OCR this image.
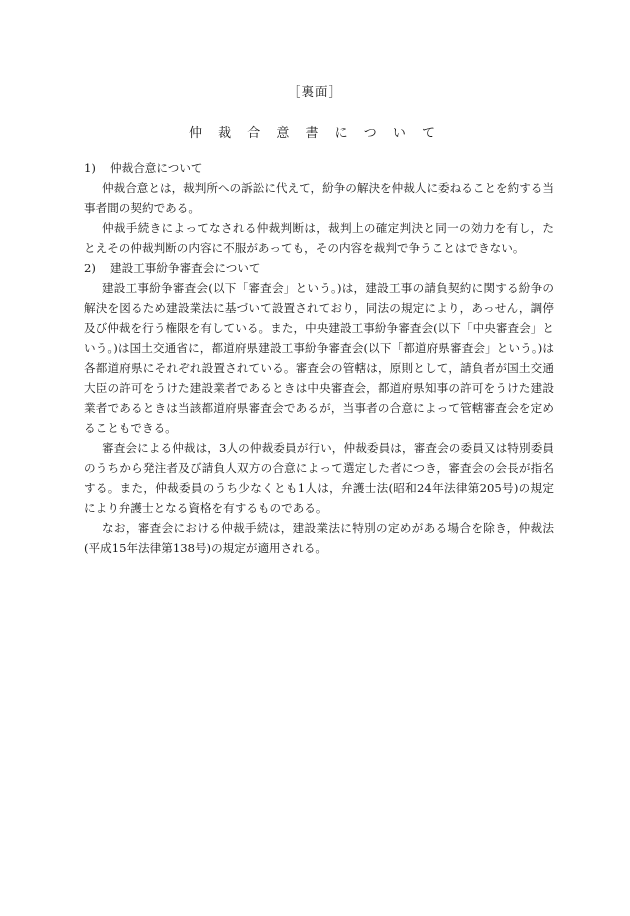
［裏面］
仲 裁 合 意 書 に つ い て
1) 仲裁合意について

仲裁合意とは，裁判所への訴訟に代えて，紛争の解決を仲裁人に委ねることを約する当事者間の契約である。

仲裁手続きによってなされる仲裁判断は，裁判上の確定判決と同一の効力を有し，たとえその仲裁判断の内容に不服があっても，その内容を裁判で争うことはできない。

2) 建設工事紛争審査会について

建設工事紛争審査会(以下「審査会」という。)は，建設工事の請負契約に関する紛争の解決を図るため建設業法に基づいて設置されており，同法の規定により，あっせん，調停及び仲裁を行う権限を有している。また，中央建設工事紛争審査会(以下「中央審査会」という。)は国土交通省に，都道府県建設工事紛争審査会(以下「都道府県審査会」という。)は各都道府県にそれぞれ設置されている。審査会の管轄は，原則として，請負者が国土交通大臣の許可をうけた建設業者であるときは中央審査会，都道府県知事の許可をうけた建設業者であるときは当該都道府県審査会であるが，当事者の合意によって管轄審査会を定めることもできる。

審査会による仲裁は，3人の仲裁委員が行い，仲裁委員は，審査会の委員又は特別委員のうちから発注者及び請負人双方の合意によって選定した者につき，審査会の会長が指名する。また，仲裁委員のうち少なくとも1人は，弁護士法(昭和24年法律第205号)の規定により弁護士となる資格を有するものである。

なお，審査会における仲裁手続は，建設業法に特別の定めがある場合を除き，仲裁法(平成15年法律第138号)の規定が適用される。
